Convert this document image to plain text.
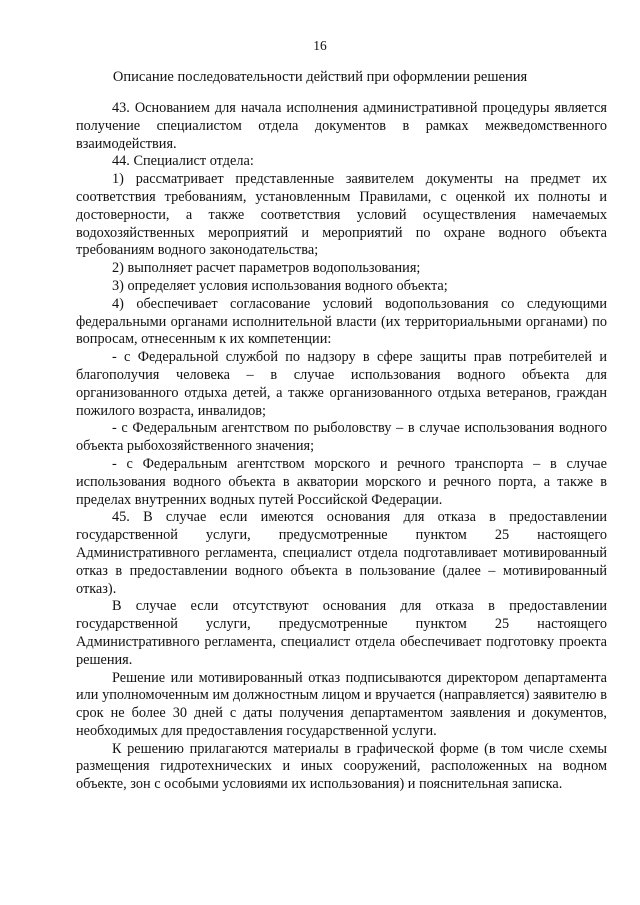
16
Описание последовательности действий при оформлении решения

43. Основанием для начала исполнения административной процедуры является получение специалистом отдела документов в рамках межведомственного взаимодействия.

44. Специалист отдела:

1) рассматривает представленные заявителем документы на предмет их соответствия требованиям, установленным Правилами, с оценкой их полноты и достоверности, а также соответствия условий осуществления намечаемых водохозяйственных мероприятий и мероприятий по охране водного объекта требованиям водного законодательства;

2) выполняет расчет параметров водопользования;

3) определяет условия использования водного объекта;

4) обеспечивает согласование условий водопользования со следующими федеральными органами исполнительной власти (их территориальными органами) по вопросам, отнесенным к их компетенции:

- с Федеральной службой по надзору в сфере защиты прав потребителей и благополучия человека – в случае использования водного объекта для организованного отдыха детей, а также организованного отдыха ветеранов, граждан пожилого возраста, инвалидов;

- с Федеральным агентством по рыболовству – в случае использования водного объекта рыбохозяйственного значения;

- с Федеральным агентством морского и речного транспорта – в случае использования водного объекта в акватории морского и речного порта, а также в пределах внутренних водных путей Российской Федерации.

45. В случае если имеются основания для отказа в предоставлении государственной услуги, предусмотренные пунктом 25 настоящего Административного регламента, специалист отдела подготавливает мотивированный отказ в предоставлении водного объекта в пользование (далее – мотивированный отказ).

В случае если отсутствуют основания для отказа в предоставлении государственной услуги, предусмотренные пунктом 25 настоящего Административного регламента, специалист отдела обеспечивает подготовку проекта решения.

Решение или мотивированный отказ подписываются директором департамента или уполномоченным им должностным лицом и вручается (направляется) заявителю в срок не более 30 дней с даты получения департаментом заявления и документов, необходимых для предоставления государственной услуги.

К решению прилагаются материалы в графической форме (в том числе схемы размещения гидротехнических и иных сооружений, расположенных на водном объекте, зон с особыми условиями их использования) и пояснительная записка.
